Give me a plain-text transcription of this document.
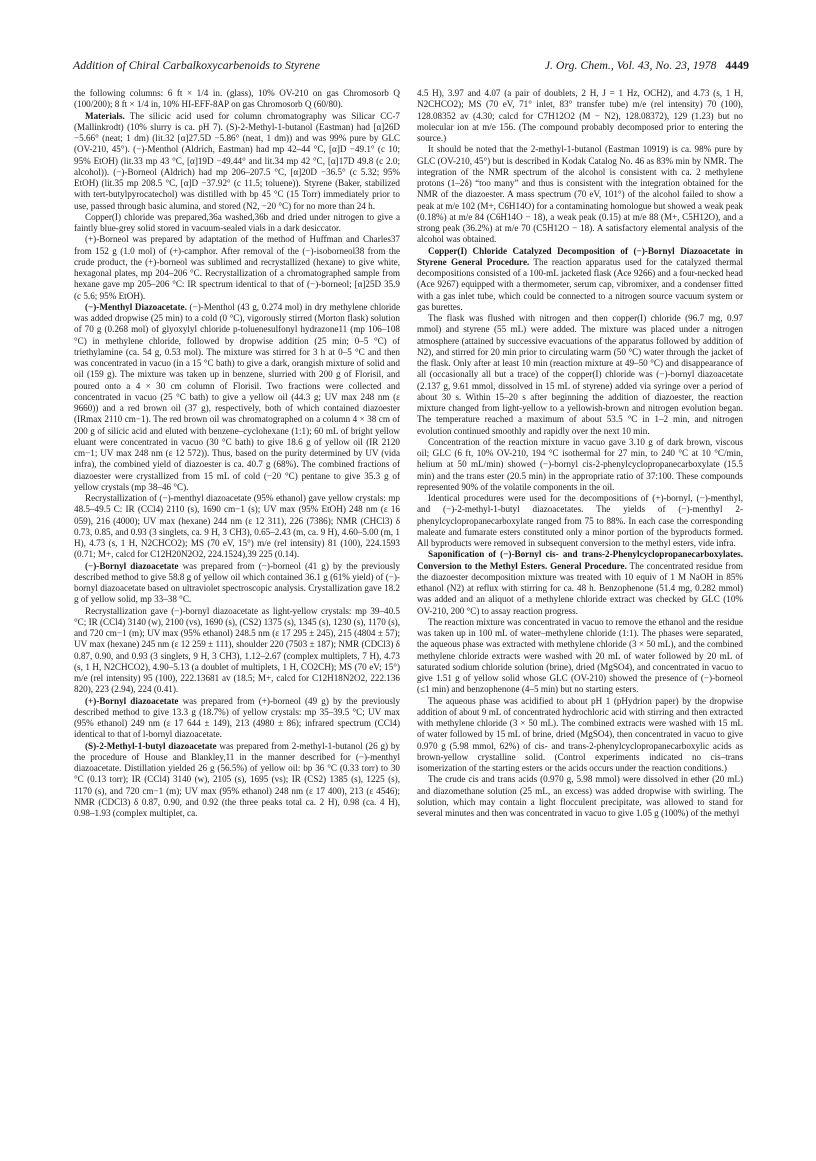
Addition of Chiral Carbalkoxycarbenoids to Styrene	J. Org. Chem., Vol. 43, No. 23, 1978 4449

the following columns: 6 ft × 1/4 in. (glass), 10% OV-210 on gas Chromosorb Q (100/200); 8 ft × 1/4 in, 10% HI-EFF-8AP on gas Chromosorb Q (60/80).

Materials. The silicic acid used for column chromatography was Silicar CC-7 (Mallinkrodt) (10% slurry is ca. pH 7). (S)-2-Methyl-1-butanol (Eastman) had [α]26D −5.66° (neat; 1 dm) (lit.32 [α]27.5D −5.86° (neat, 1 dm)) and was 99% pure by GLC (OV-210, 45°). (−)-Menthol (Aldrich, Eastman) had mp 42–44 °C, [α]D −49.1° (c 10; 95% EtOH) (lit.33 mp 43 °C, [α]19D −49.44° and lit.34 mp 42 °C, [α]17D 49.8 (c 2.0; alcohol)). (−)-Borneol (Aldrich) had mp 206–207.5 °C, [α]20D −36.5° (c 5.32; 95% EtOH) (lit.35 mp 208.5 °C, [α]D −37.92° (c 11.5; toluene)). Styrene (Baker, stabilized with tert-butylpyrocatechol) was distilled with bp 45 °C (15 Torr) immediately prior to use, passed through basic alumina, and stored (N2, −20 °C) for no more than 24 h.

Copper(I) chloride was prepared,36a washed,36b and dried under nitrogen to give a faintly blue-grey solid stored in vacuum-sealed vials in a dark desiccator.

(+)-Borneol was prepared by adaptation of the method of Huffman and Charles37 from 152 g (1.0 mol) of (+)-camphor. After removal of the (−)-isoborneol38 from the crude product, the (+)-borneol was sublimed and recrystallized (hexane) to give white, hexagonal plates, mp 204–206 °C. Recrystallization of a chromatographed sample from hexane gave mp 205–206 °C: IR spectrum identical to that of (−)-borneol; [α]25D 35.9 (c 5.6; 95% EtOH).

(−)-Menthyl Diazoacetate. (−)-Menthol (43 g, 0.274 mol) in dry methylene chloride was added dropwise (25 min) to a cold (0 °C), vigorously stirred (Morton flask) solution of 70 g (0.268 mol) of glyoxylyl chloride p-toluenesulfonyl hydrazone11 (mp 106–108 °C) in methylene chloride, followed by dropwise addition (25 min; 0–5 °C) of triethylamine (ca. 54 g, 0.53 mol). The mixture was stirred for 3 h at 0–5 °C and then was concentrated in vacuo (in a 15 °C bath) to give a dark, orangish mixture of solid and oil (159 g). The mixture was taken up in benzene, slurried with 200 g of Florisil, and poured onto a 4 × 30 cm column of Florisil. Two fractions were collected and concentrated in vacuo (25 °C bath) to give a yellow oil (44.3 g; UV max 248 nm (ε 9660)) and a red brown oil (37 g), respectively, both of which contained diazoester (IRmax 2110 cm−1). The red brown oil was chromatographed on a column 4 × 38 cm of 200 g of silicic acid and eluted with benzene–cyclohexane (1:1); 60 mL of bright yellow eluant were concentrated in vacuo (30 °C bath) to give 18.6 g of yellow oil (IR 2120 cm−1; UV max 248 nm (ε 12 572)). Thus, based on the purity determined by UV (vida infra), the combined yield of diazoester is ca. 40.7 g (68%). The combined fractions of diazoester were crystallized from 15 mL of cold (−20 °C) pentane to give 35.3 g of yellow crystals (mp 38–46 °C).

Recrystallization of (−)-menthyl diazoacetate (95% ethanol) gave yellow crystals: mp 48.5–49.5 C: IR (CCl4) 2110 (s), 1690 cm−1 (s); UV max (95% EtOH) 248 nm (ε 16 059), 216 (4000); UV max (hexane) 244 nm (ε 12 311), 226 (7386); NMR (CHCl3) δ 0.73, 0.85, and 0.93 (3 singlets, ca. 9 H, 3 CH3), 0.65–2.43 (m, ca. 9 H), 4.60–5.00 (m, 1 H), 4.73 (s, 1 H, N2CHCO2); MS (70 eV, 15°) m/e (rel intensity) 81 (100), 224.1593 (0.71; M+, calcd for C12H20N2O2, 224.1524),39 225 (0.14).

(−)-Bornyl diazoacetate was prepared from (−)-borneol (41 g) by the previously described method to give 58.8 g of yellow oil which contained 36.1 g (61% yield) of (−)-bornyl diazoacetate based on ultraviolet spectroscopic analysis. Crystallization gave 18.2 g of yellow solid, mp 33–38 °C.

Recrystallization gave (−)-bornyl diazoacetate as light-yellow crystals: mp 39–40.5 °C; IR (CCl4) 3140 (w), 2100 (vs), 1690 (s), (CS2) 1375 (s), 1345 (s), 1230 (s), 1170 (s), and 720 cm−1 (m); UV max (95% ethanol) 248.5 nm (ε 17 295 ± 245), 215 (4804 ± 57); UV max (hexane) 245 nm (ε 12 259 ± 111), shoulder 220 (7503 ± 187); NMR (CDCl3) δ 0.87, 0.90, and 0.93 (3 singlets, 9 H, 3 CH3), 1.12–2.67 (complex multiplets, 7 H), 4.73 (s, 1 H, N2CHCO2), 4.90–5.13 (a doublet of multiplets, 1 H, CO2CH); MS (70 eV; 15°) m/e (rel intensity) 95 (100), 222.13681 av (18.5; M+, calcd for C12H18N2O2, 222.136 820), 223 (2.94), 224 (0.41).

(+)-Bornyl diazoacetate was prepared from (+)-borneol (49 g) by the previously described method to give 13.3 g (18.7%) of yellow crystals: mp 35–39.5 °C; UV max (95% ethanol) 249 nm (ε 17 644 ± 149), 213 (4980 ± 86); infrared spectrum (CCl4) identical to that of l-bornyl diazoacetate.

(S)-2-Methyl-1-butyl diazoacetate was prepared from 2-methyl-1-butanol (26 g) by the procedure of House and Blankley,11 in the manner described for (−)-menthyl diazoacetate. Distillation yielded 26 g (56.5%) of yellow oil: bp 36 °C (0.33 torr) to 30 °C (0.13 torr); IR (CCl4) 3140 (w), 2105 (s), 1695 (vs); IR (CS2) 1385 (s), 1225 (s), 1170 (s), and 720 cm−1 (m); UV max (95% ethanol) 248 nm (ε 17 400), 213 (ε 4546); NMR (CDCl3) δ 0.87, 0.90, and 0.92 (the three peaks total ca. 2 H), 0.98 (ca. 4 H), 0.98–1.93 (complex multiplet, ca.

4.5 H), 3.97 and 4.07 (a pair of doublets, 2 H, J = 1 Hz, OCH2), and 4.73 (s, 1 H, N2CHCO2); MS (70 eV, 71° inlet, 83° transfer tube) m/e (rel intensity) 70 (100), 128.08352 av (4.30; calcd for C7H12O2 (M − N2), 128.08372), 129 (1.23) but no molecular ion at m/e 156. (The compound probably decomposed prior to entering the source.)

It should be noted that the 2-methyl-1-butanol (Eastman 10919) is ca. 98% pure by GLC (OV-210, 45°) but is described in Kodak Catalog No. 46 as 83% min by NMR. The integration of the NMR spectrum of the alcohol is consistent with ca. 2 methylene protons (1–2δ) “too many” and thus is consistent with the integration obtained for the NMR of the diazoester. A mass spectrum (70 eV, 101°) of the alcohol failed to show a peak at m/e 102 (M+, C6H14O) for a contaminating homologue but showed a weak peak (0.18%) at m/e 84 (C6H14O − 18), a weak peak (0.15) at m/e 88 (M+, C5H12O), and a strong peak (36.2%) at m/e 70 (C5H12O − 18). A satisfactory elemental analysis of the alcohol was obtained.

Copper(I) Chloride Catalyzed Decomposition of (−)-Bornyl Diazoacetate in Styrene General Procedure. The reaction apparatus used for the catalyzed thermal decompositions consisted of a 100-mL jacketed flask (Ace 9266) and a four-necked head (Ace 9267) equipped with a thermometer, serum cap, vibromixer, and a condenser fitted with a gas inlet tube, which could be connected to a nitrogen source vacuum system or gas burettes.

The flask was flushed with nitrogen and then copper(I) chloride (96.7 mg, 0.97 mmol) and styrene (55 mL) were added. The mixture was placed under a nitrogen atmosphere (attained by successive evacuations of the apparatus followed by addition of N2), and stirred for 20 min prior to circulating warm (50 °C) water through the jacket of the flask. Only after at least 10 min (reaction mixture at 49–50 °C) and disappearance of all (occasionally all but a trace) of the copper(I) chloride was (−)-bornyl diazoacetate (2.137 g, 9.61 mmol, dissolved in 15 mL of styrene) added via syringe over a period of about 30 s. Within 15–20 s after beginning the addition of diazoester, the reaction mixture changed from light-yellow to a yellowish-brown and nitrogen evolution began. The temperature reached a maximum of about 53.5 °C in 1–2 min, and nitrogen evolution continued smoothly and rapidly over the next 10 min.

Concentration of the reaction mixture in vacuo gave 3.10 g of dark brown, viscous oil; GLC (6 ft, 10% OV-210, 194 °C isothermal for 27 min, to 240 °C at 10 °C/min, helium at 50 mL/min) showed (−)-bornyl cis-2-phenylcyclopropanecarboxylate (15.5 min) and the trans ester (20.5 min) in the appropriate ratio of 37:100. These compounds represented 90% of the volatile components in the oil.

Identical procedures were used for the decompositions of (+)-bornyl, (−)-menthyl, and (−)-2-methyl-1-butyl diazoacetates. The yields of (−)-menthyl 2-phenylcyclopropanecarboxylate ranged from 75 to 88%. In each case the corresponding maleate and fumarate esters constituted only a minor portion of the byproducts formed. All byproducts were removed in subsequent conversion to the methyl esters, vide infra.

Saponification of (−)-Bornyl cis- and trans-2-Phenylcyclopropanecarboxylates. Conversion to the Methyl Esters. General Procedure. The concentrated residue from the diazoester decomposition mixture was treated with 10 equiv of 1 M NaOH in 85% ethanol (N2) at reflux with stirring for ca. 48 h. Benzophenone (51.4 mg, 0.282 mmol) was added and an aliquot of a methylene chloride extract was checked by GLC (10% OV-210, 200 °C) to assay reaction progress.

The reaction mixture was concentrated in vacuo to remove the ethanol and the residue was taken up in 100 mL of water–methylene chloride (1:1). The phases were separated, the aqueous phase was extracted with methylene chloride (3 × 50 mL), and the combined methylene chloride extracts were washed with 20 mL of water followed by 20 mL of saturated sodium chloride solution (brine), dried (MgSO4), and concentrated in vacuo to give 1.51 g of yellow solid whose GLC (OV-210) showed the presence of (−)-borneol (≤1 min) and benzophenone (4–5 min) but no starting esters.

The aqueous phase was acidified to about pH 1 (pHydrion paper) by the dropwise addition of about 9 mL of concentrated hydrochloric acid with stirring and then extracted with methylene chloride (3 × 50 mL). The combined extracts were washed with 15 mL of water followed by 15 mL of brine, dried (MgSO4), then concentrated in vacuo to give 0.970 g (5.98 mmol, 62%) of cis- and trans-2-phenylcyclopropanecarboxylic acids as brown-yellow crystalline solid. (Control experiments indicated no cis–trans isomerization of the starting esters or the acids occurs under the reaction conditions.)

The crude cis and trans acids (0.970 g, 5.98 mmol) were dissolved in ether (20 mL) and diazomethane solution (25 mL, an excess) was added dropwise with swirling. The solution, which may contain a light flocculent precipitate, was allowed to stand for several minutes and then was concentrated in vacuo to give 1.05 g (100%) of the methyl
